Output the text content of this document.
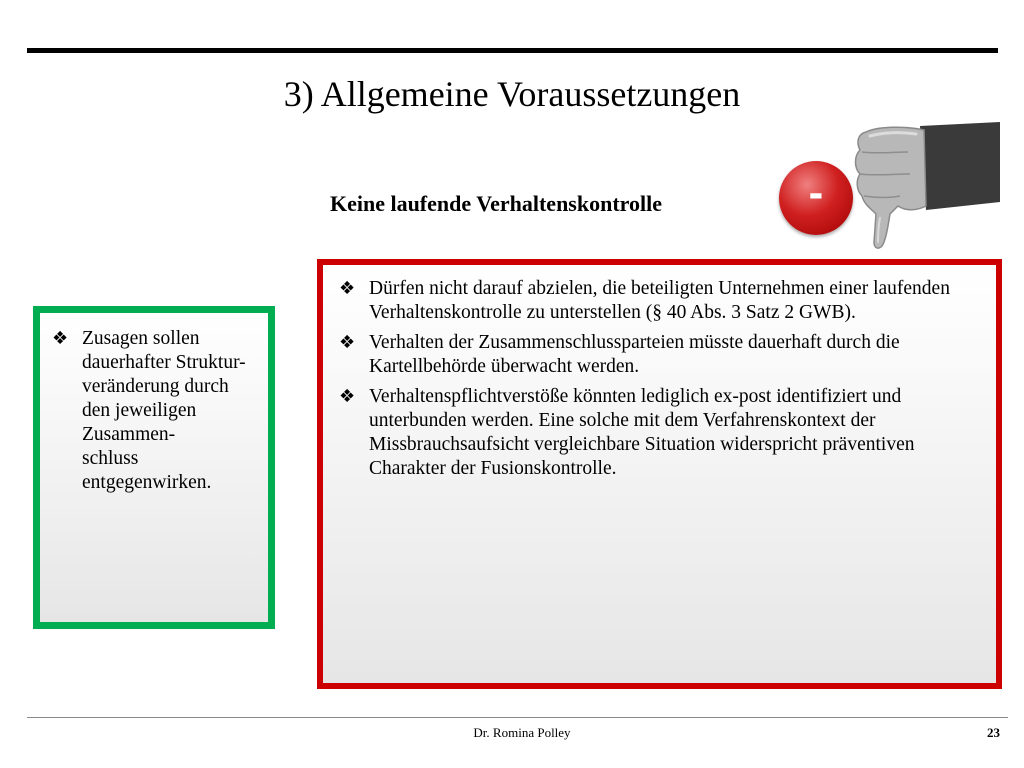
3) Allgemeine Voraussetzungen
Keine laufende Verhaltenskontrolle	-
❖ Zusagen sollen dauerhafter Struktur-
veränderung durch den jeweiligen Zusammen-
schluss entgegenwirken.
❖ Dürfen nicht darauf abzielen, die beteiligten Unternehmen einer laufenden Verhaltenskontrolle zu unterstellen (§ 40 Abs. 3 Satz 2 GWB).
❖ Verhalten der Zusammenschlussparteien müsste dauerhaft durch die Kartellbehörde überwacht werden.
❖ Verhaltenspflichtverstöße könnten lediglich ex-post identifiziert und unterbunden werden. Eine solche mit dem Verfahrenskontext der Missbrauchsaufsicht vergleichbare Situation widerspricht präventiven Charakter der Fusionskontrolle.
Dr. Romina Polley	23
